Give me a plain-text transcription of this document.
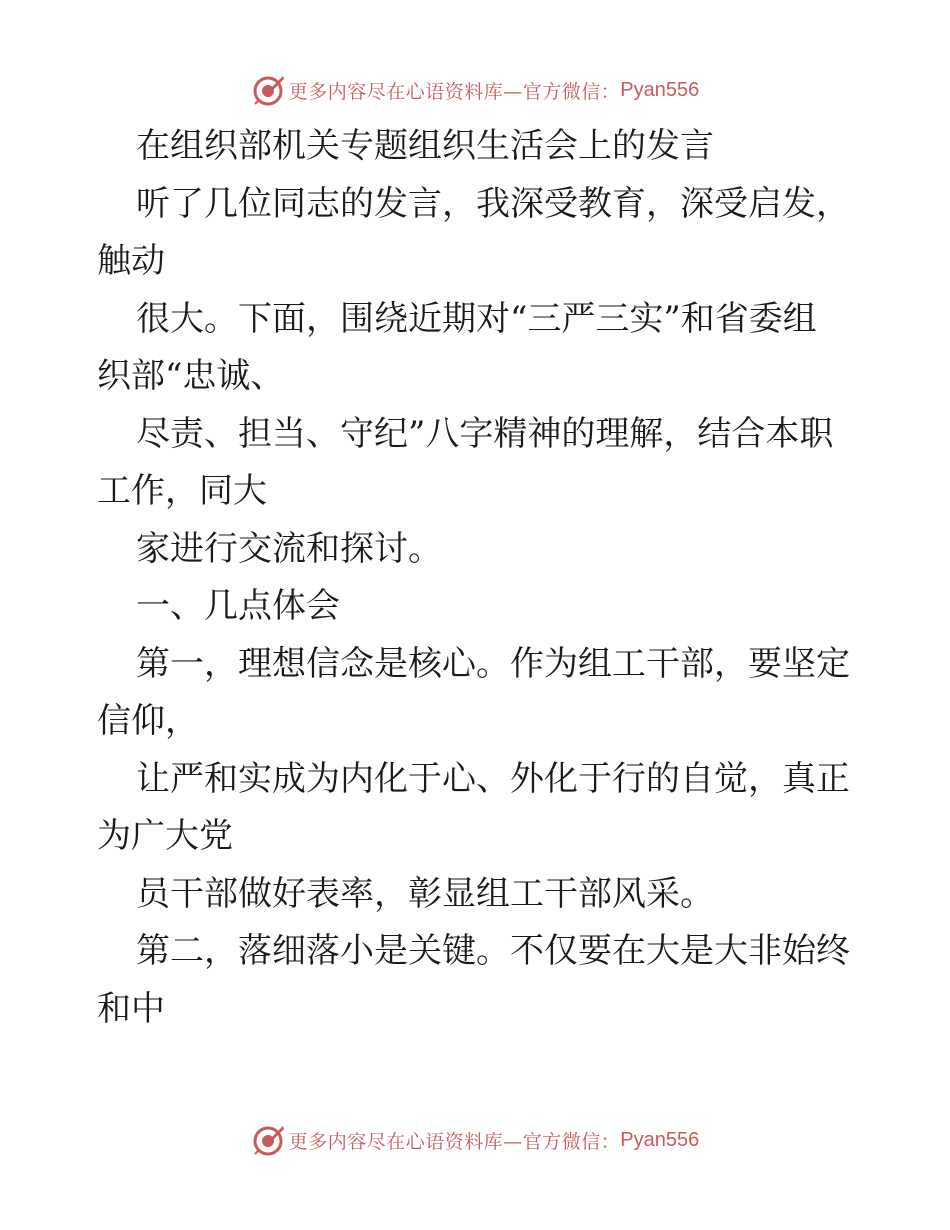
更多内容尽在心语资料库—官方微信： Pyan556
在组织部机关专题组织生活会上的发言
听了几位同志的发言，我深受教育，深受启发，
触动
很大。下面，围绕近期对“三严三实”和省委组
织部“忠诚、
尽责、担当、守纪”八字精神的理解，结合本职
工作，同大
家进行交流和探讨。
一、几点体会
第一，理想信念是核心。作为组工干部，要坚定
信仰，
让严和实成为内化于心、外化于行的自觉，真正
为广大党
员干部做好表率，彰显组工干部风采。
第二，落细落小是关键。不仅要在大是大非始终
和中
更多内容尽在心语资料库—官方微信： Pyan556
